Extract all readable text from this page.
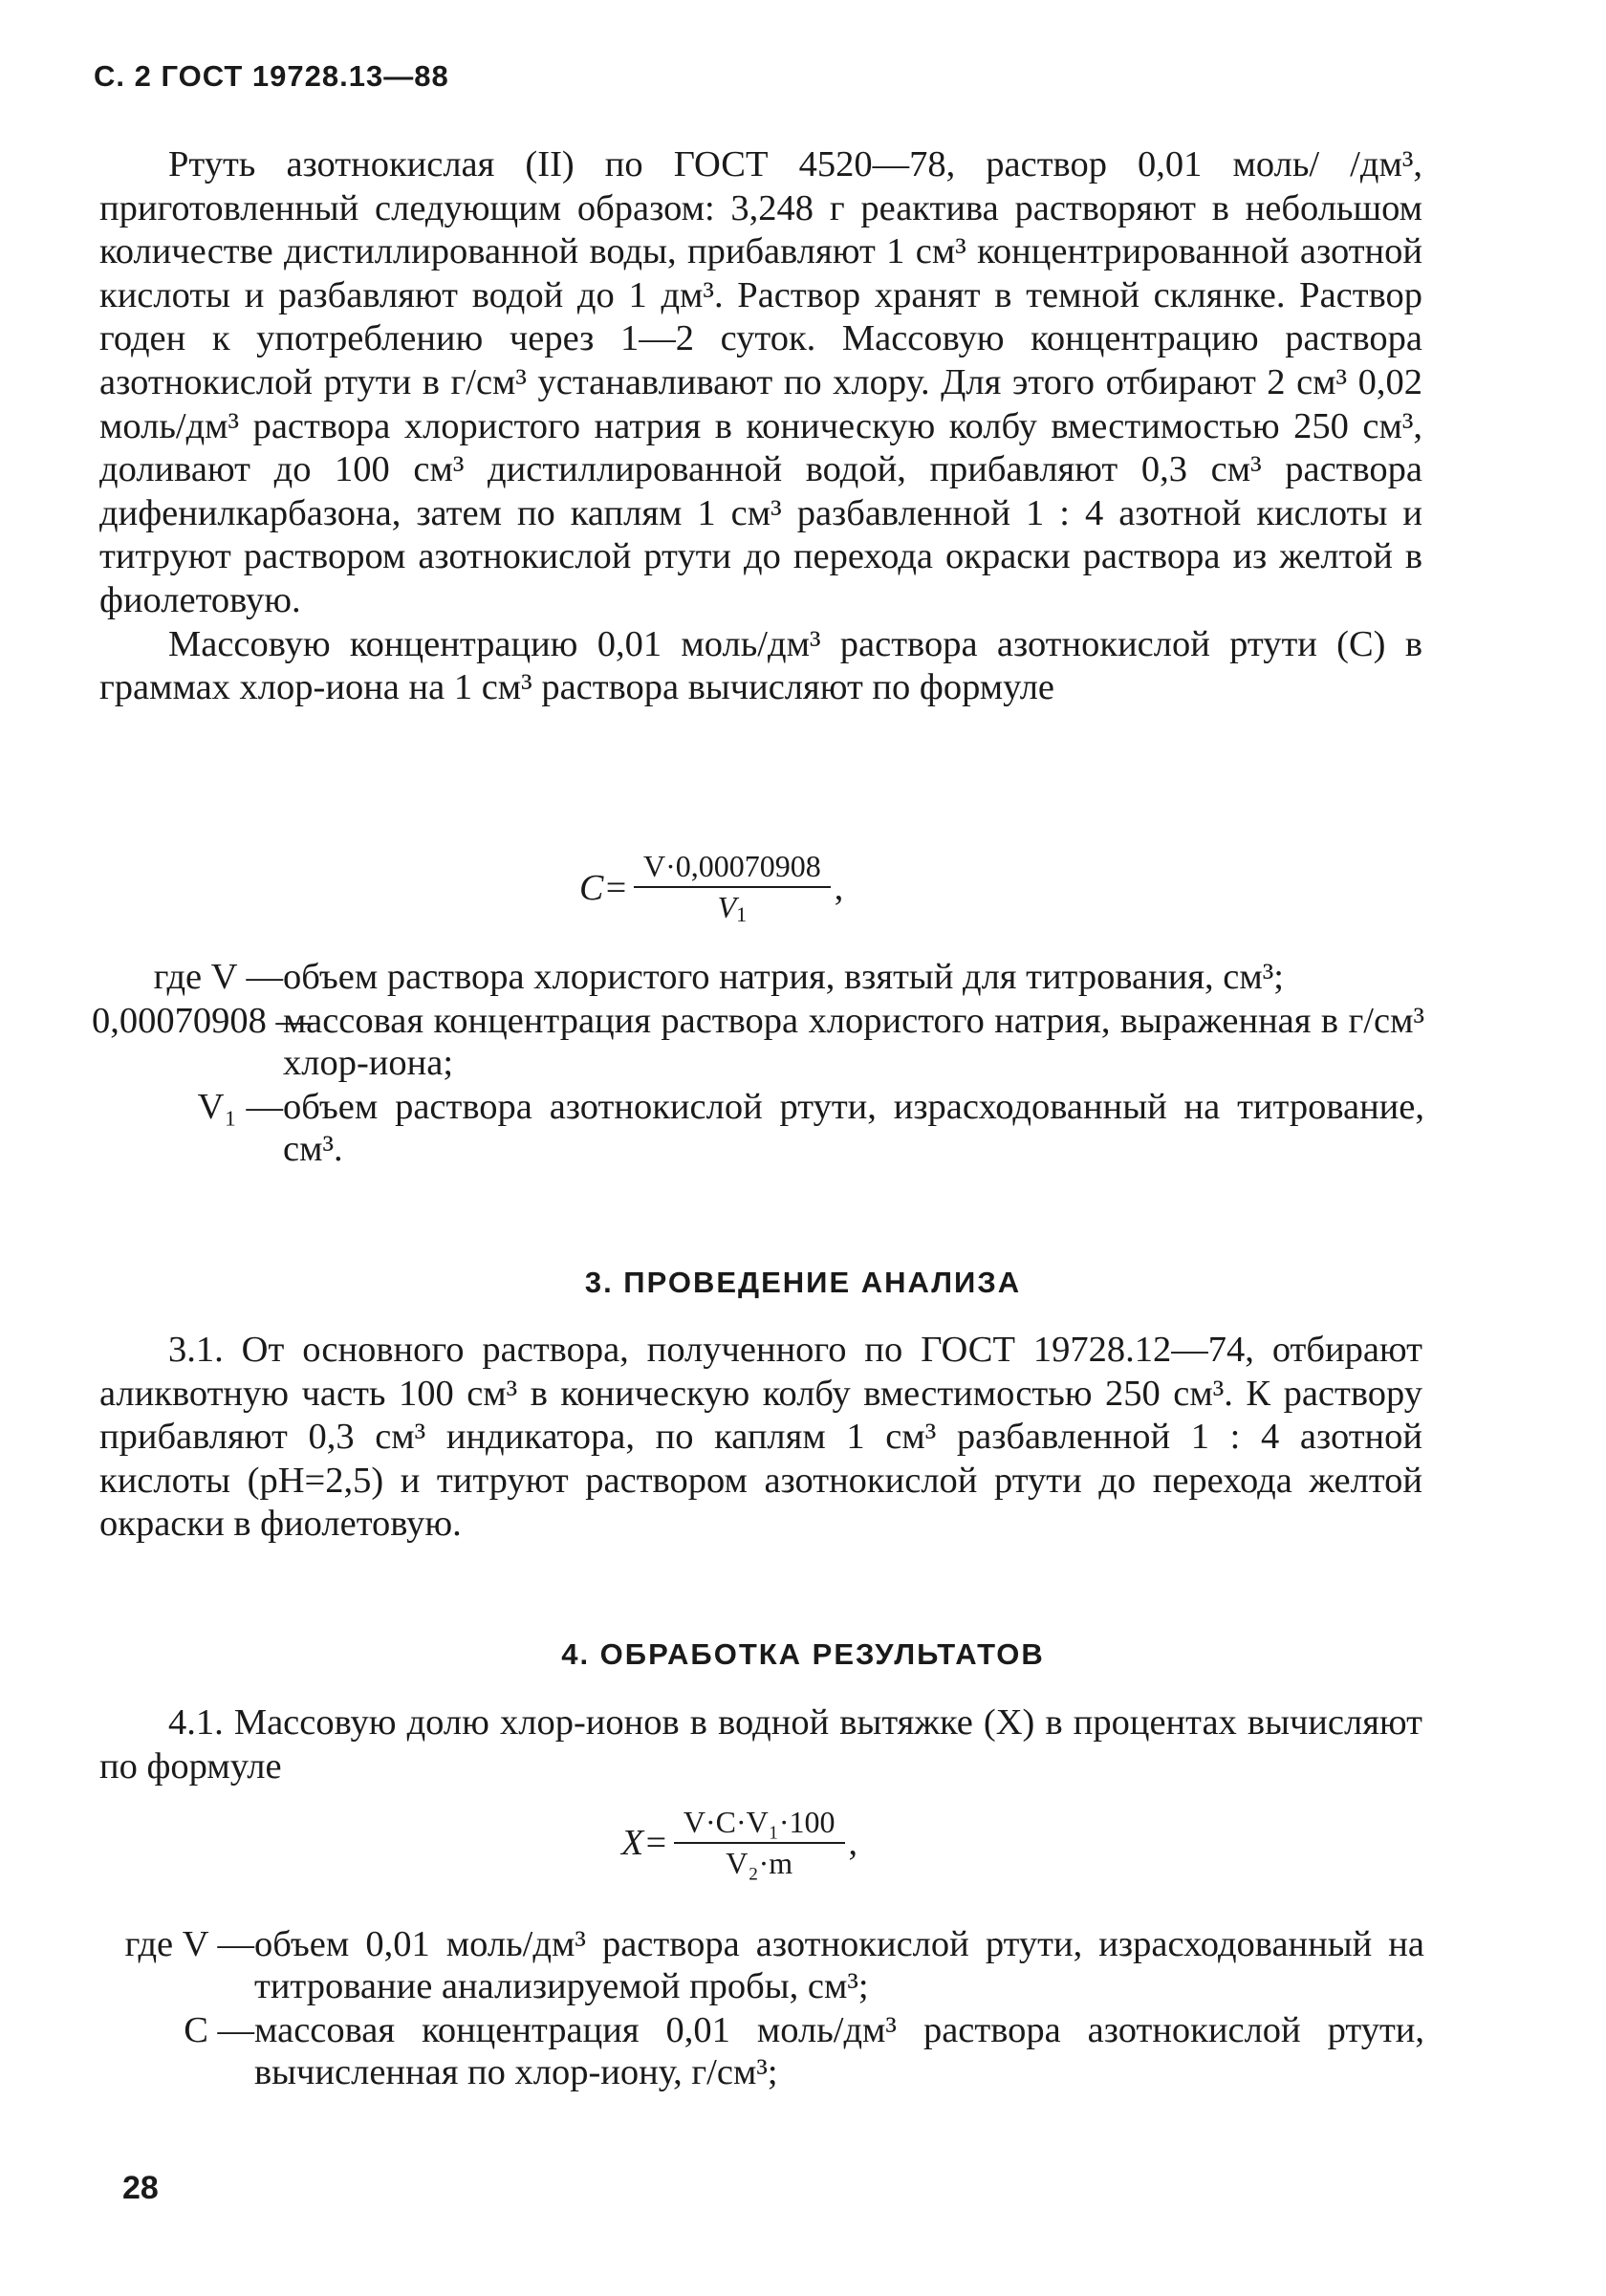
С. 2 ГОСТ 19728.13—88

Ртуть азотнокислая (II) по ГОСТ 4520—78, раствор 0,01 моль/ /дм³, приготовленный следующим образом: 3,248 г реактива растворяют в небольшом количестве дистиллированной воды, прибавляют 1 см³ концентрированной азотной кислоты и разбавляют водой до 1 дм³. Раствор хранят в темной склянке. Раствор годен к употреблению через 1—2 суток. Массовую концентрацию раствора азотнокислой ртути в г/см³ устанавливают по хлору. Для этого отбирают 2 см³ 0,02 моль/дм³ раствора хлористого натрия в коническую колбу вместимостью 250 см³, доливают до 100 см³ дистиллированной водой, прибавляют 0,3 см³ раствора дифенилкарбазона, затем по каплям 1 см³ разбавленной 1 : 4 азотной кислоты и титруют раствором азотнокислой ртути до перехода окраски раствора из желтой в фиолетовую.

Массовую концентрацию 0,01 моль/дм³ раствора азотнокислой ртути (С) в граммах хлор-иона на 1 см³ раствора вычисляют по формуле

$C= \frac{V\cdot 0,00070908}{V_1}$ ,
где V — объем раствора хлористого натрия, взятый для титрования, см³;
0,00070908 —
массовая концентрация раствора хлористого натрия, выраженная в г/см³ хлор-иона;
V₁ — объем раствора азотнокислой ртути, израсходованный на титрование, см³.
3. ПРОВЕДЕНИЕ АНАЛИЗА

3.1. От основного раствора, полученного по ГОСТ 19728.12—74, отбирают аликвотную часть 100 см³ в коническую колбу вместимостью 250 см³. К раствору прибавляют 0,3 см³ индикатора, по каплям 1 см³ разбавленной 1 : 4 азотной кислоты (pH=2,5) и титруют раствором азотнокислой ртути до перехода желтой окраски в фиолетовую.

4. ОБРАБОТКА РЕЗУЛЬТАТОВ

4.1. Массовую долю хлор-ионов в водной вытяжке (X) в процентах вычисляют по формуле

$X= \frac{\text{V·C·V₁·100}}{\text{V₂·m}}$ ,
где V — объем 0,01 моль/дм³ раствора азотнокислой ртути, израсходованный на титрование анализируемой пробы, см³;
C — массовая концентрация 0,01 моль/дм³ раствора азотнокислой ртути, вычисленная по хлор-иону, г/см³;
28
